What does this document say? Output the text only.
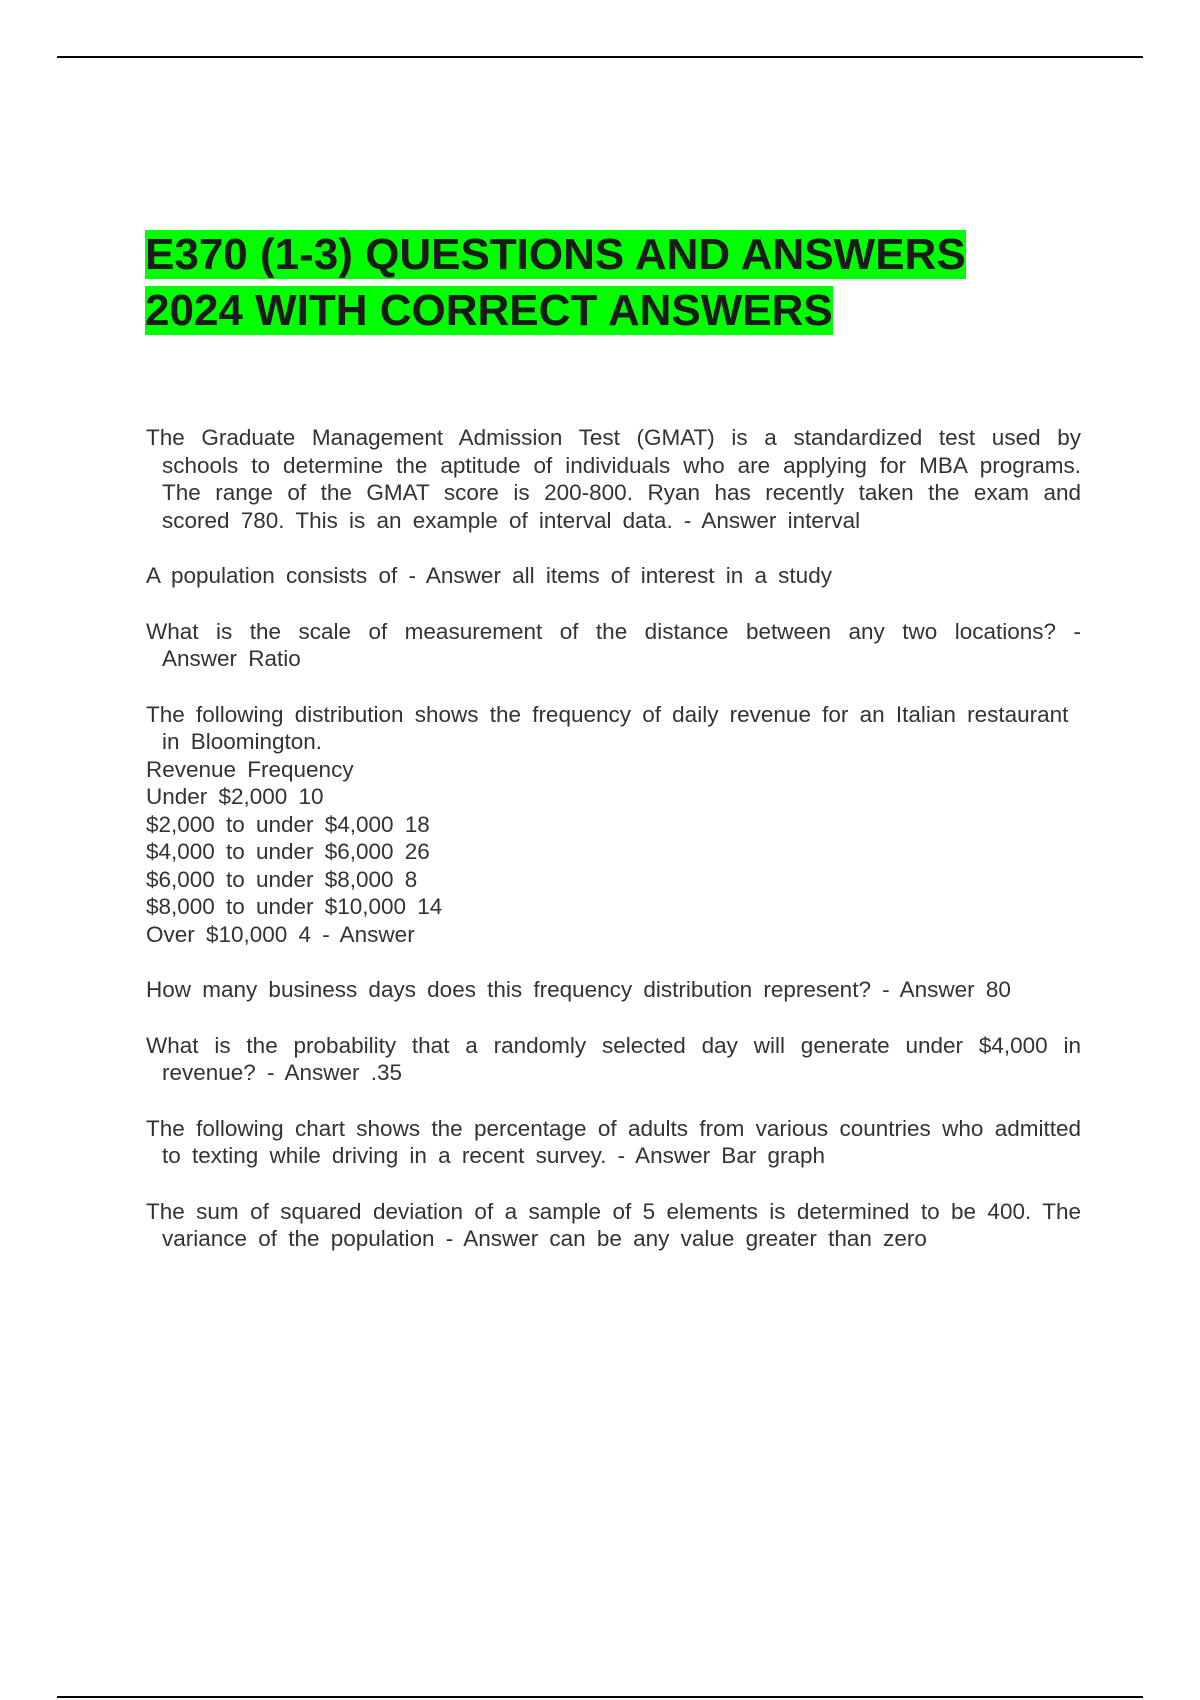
E370 (1-3) QUESTIONS AND ANSWERS
2024 WITH CORRECT ANSWERS

The Graduate Management Admission Test (GMAT) is a standardized test used by schools to determine the aptitude of individuals who are applying for MBA programs. The range of the GMAT score is 200-800. Ryan has recently taken the exam and scored 780. This is an example of interval data. - Answer interval

A population consists of - Answer all items of interest in a study

What is the scale of measurement of the distance between any two locations? - Answer Ratio

The following distribution shows the frequency of daily revenue for an Italian restaurant in Bloomington.

Revenue Frequency

Under $2,000 10

$2,000 to under $4,000 18

$4,000 to under $6,000 26

$6,000 to under $8,000 8

$8,000 to under $10,000 14

Over $10,000 4 - Answer

How many business days does this frequency distribution represent? - Answer 80

What is the probability that a randomly selected day will generate under $4,000 in revenue? - Answer .35

The following chart shows the percentage of adults from various countries who admitted to texting while driving in a recent survey. - Answer Bar graph

The sum of squared deviation of a sample of 5 elements is determined to be 400. The variance of the population - Answer can be any value greater than zero
